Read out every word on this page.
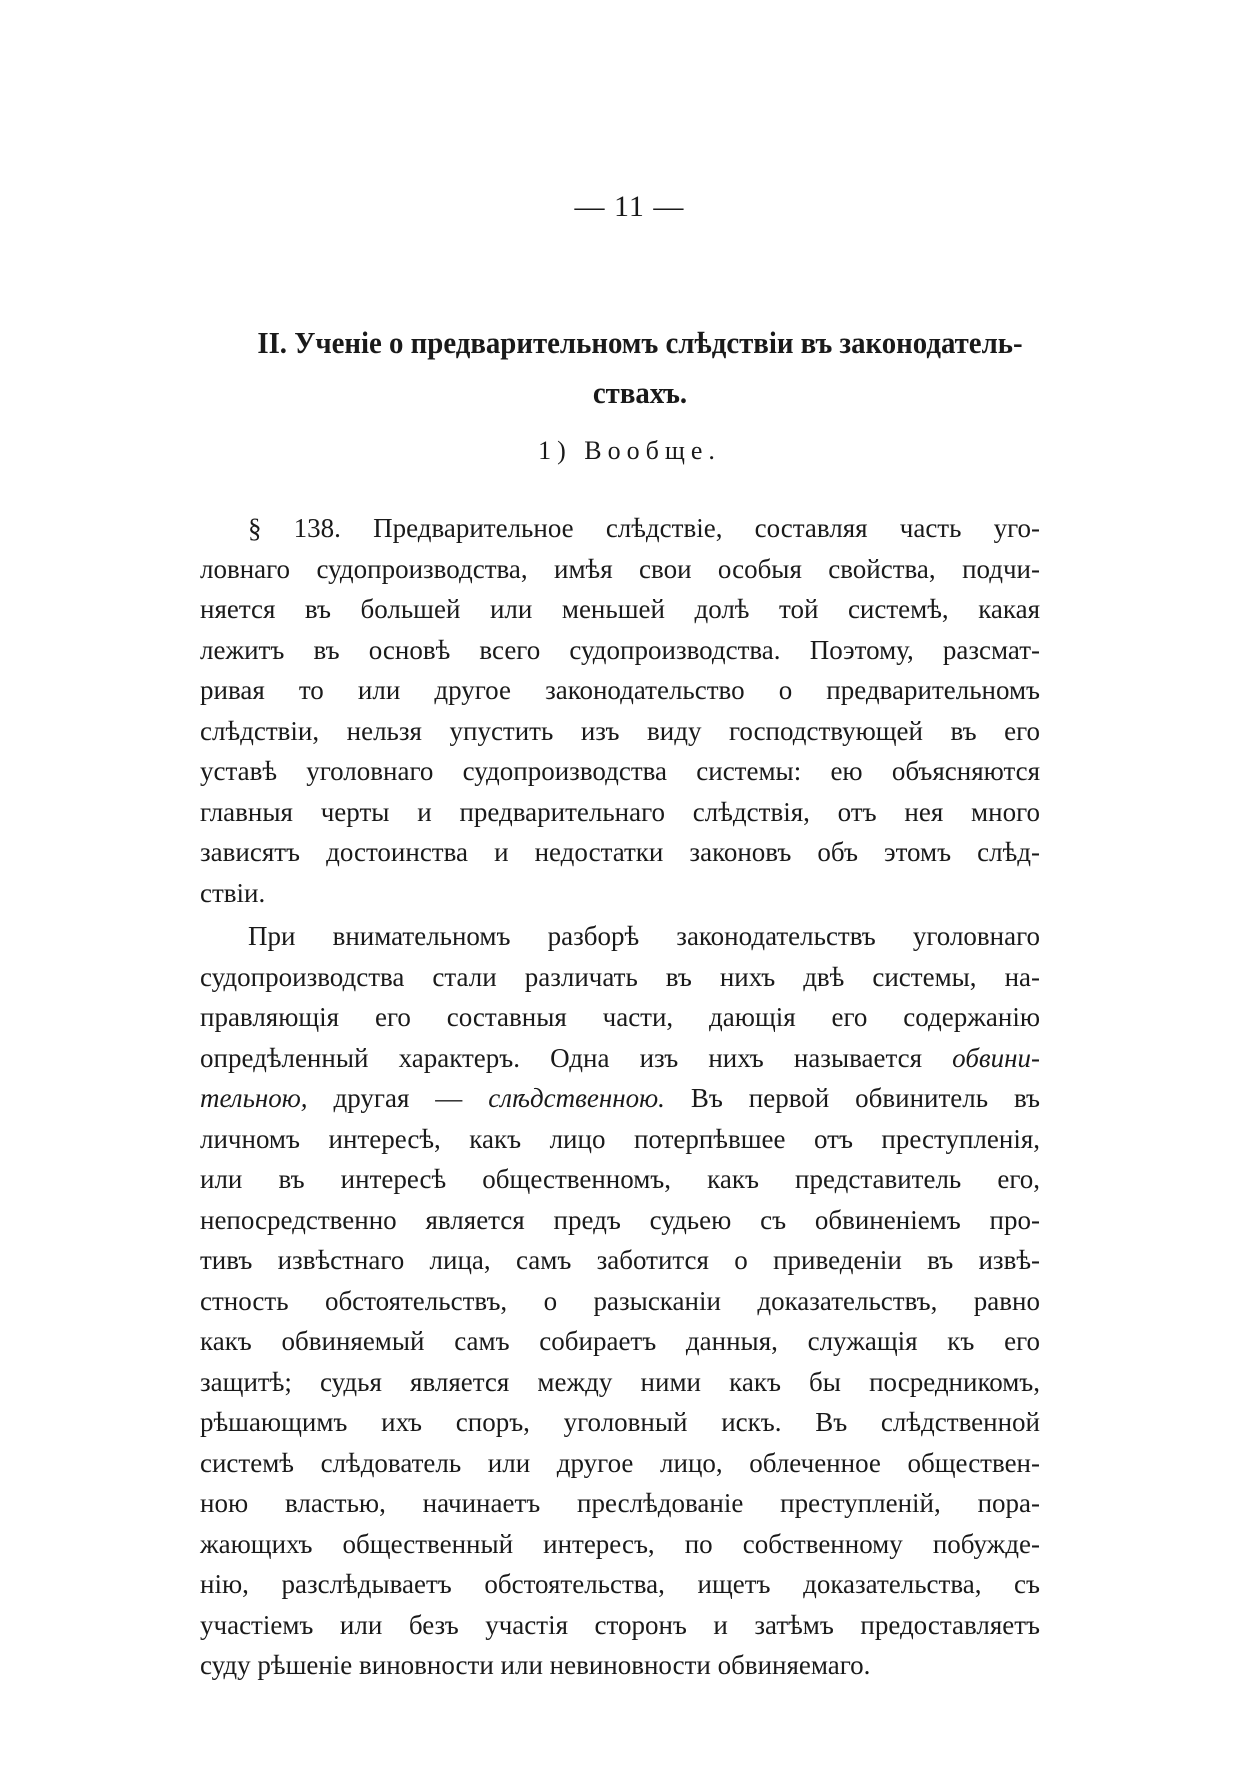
— 11 —
II. Ученіе о предварительномъ слѣдствіи въ законодатель-
ствахъ.
1) Вообще.
§ 138. Предварительное слѣдствіе, составляя часть уго-
ловнаго судопроизводства, имѣя свои особыя свойства, подчи-
няется въ большей или меньшей долѣ той системѣ, какая
лежитъ въ основѣ всего судопроизводства. Поэтому, разсмат-
ривая то или другое законодательство о предварительномъ
слѣдствіи, нельзя упустить изъ виду господствующей въ его
уставѣ уголовнаго судопроизводства системы: ею объясняются
главныя черты и предварительнаго слѣдствія, отъ нея много
зависятъ достоинства и недостатки законовъ объ этомъ слѣд-
ствіи.
При внимательномъ разборѣ законодательствъ уголовнаго
судопроизводства стали различать въ нихъ двѣ системы, на-
правляющія его составныя части, дающія его содержанію
опредѣленный характеръ. Одна изъ нихъ называется обвини-
тельною, другая — слѣдственною. Въ первой обвинитель въ
личномъ интересѣ, какъ лицо потерпѣвшее отъ преступленія,
или въ интересѣ общественномъ, какъ представитель его,
непосредственно является предъ судьею съ обвиненіемъ про-
тивъ извѣстнаго лица, самъ заботится о приведеніи въ извѣ-
стность обстоятельствъ, о разысканіи доказательствъ, равно
какъ обвиняемый самъ собираетъ данныя, служащія къ его
защитѣ; судья является между ними какъ бы посредникомъ,
рѣшающимъ ихъ споръ, уголовный искъ. Въ слѣдственной
системѣ слѣдователь или другое лицо, облеченное обществен-
ною властью, начинаетъ преслѣдованіе преступленій, пора-
жающихъ общественный интересъ, по собственному побужде-
нію, разслѣдываетъ обстоятельства, ищетъ доказательства, съ
участіемъ или безъ участія сторонъ и затѣмъ предоставляетъ
суду рѣшеніе виновности или невиновности обвиняемаго.
